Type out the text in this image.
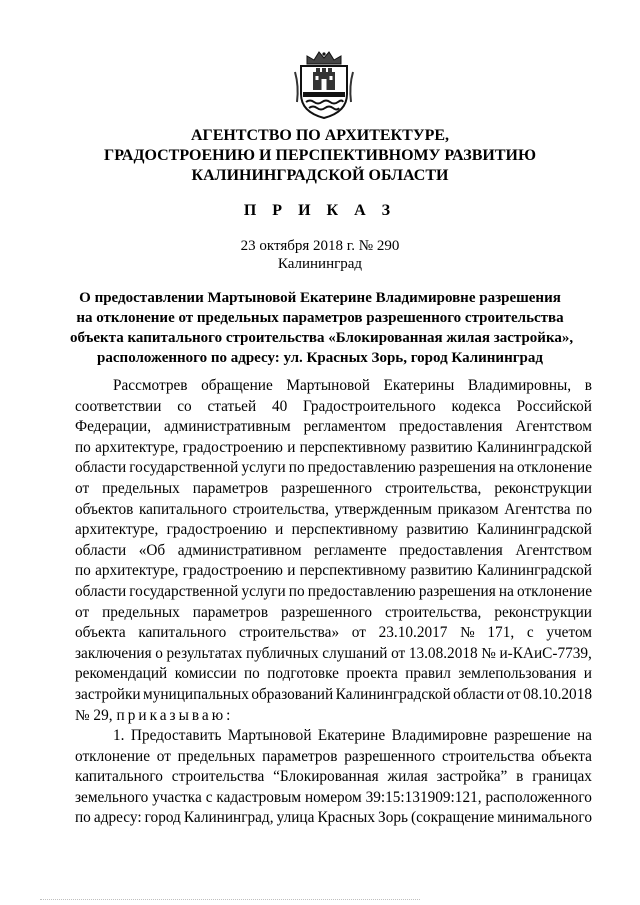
АГЕНТСТВО ПО АРХИТЕКТУРЕ,
ГРАДОСТРОЕНИЮ И ПЕРСПЕКТИВНОМУ РАЗВИТИЮ
КАЛИНИНГРАДСКОЙ ОБЛАСТИ
П Р И К А З
23 октября 2018 г. № 290
Калининград
О предоставлении Мартыновой Екатерине Владимировне разрешения
на отклонение от предельных параметров разрешенного строительства
объекта капитального строительства «Блокированная жилая застройка»,
расположенного по адресу: ул. Красных Зорь, город Калининград
Рассмотрев обращение Мартыновой Екатерины Владимировны, в
соответствии со статьей 40 Градостроительного кодекса Российской
Федерации, административным регламентом предоставления Агентством
по архитектуре, градостроению и перспективному развитию Калининградской
области государственной услуги по предоставлению разрешения на отклонение
от предельных параметров разрешенного строительства, реконструкции
объектов капитального строительства, утвержденным приказом Агентства по
архитектуре, градостроению и перспективному развитию Калининградской
области «Об административном регламенте предоставления Агентством
по архитектуре, градостроению и перспективному развитию Калининградской
области государственной услуги по предоставлению разрешения на отклонение
от предельных параметров разрешенного строительства, реконструкции
объекта капитального строительства» от 23.10.2017 № 171, с учетом
заключения о результатах публичных слушаний от 13.08.2018 № и-КАиС-7739,
рекомендаций комиссии по подготовке проекта правил землепользования и
застройки муниципальных образований Калининградской области от 08.10.2018
№ 29, приказываю:
1. Предоставить Мартыновой Екатерине Владимировне разрешение на
отклонение от предельных параметров разрешенного строительства объекта
капитального строительства “Блокированная жилая застройка” в границах
земельного участка с кадастровым номером 39:15:131909:121, расположенного
по адресу: город Калининград, улица Красных Зорь (сокращение минимального
